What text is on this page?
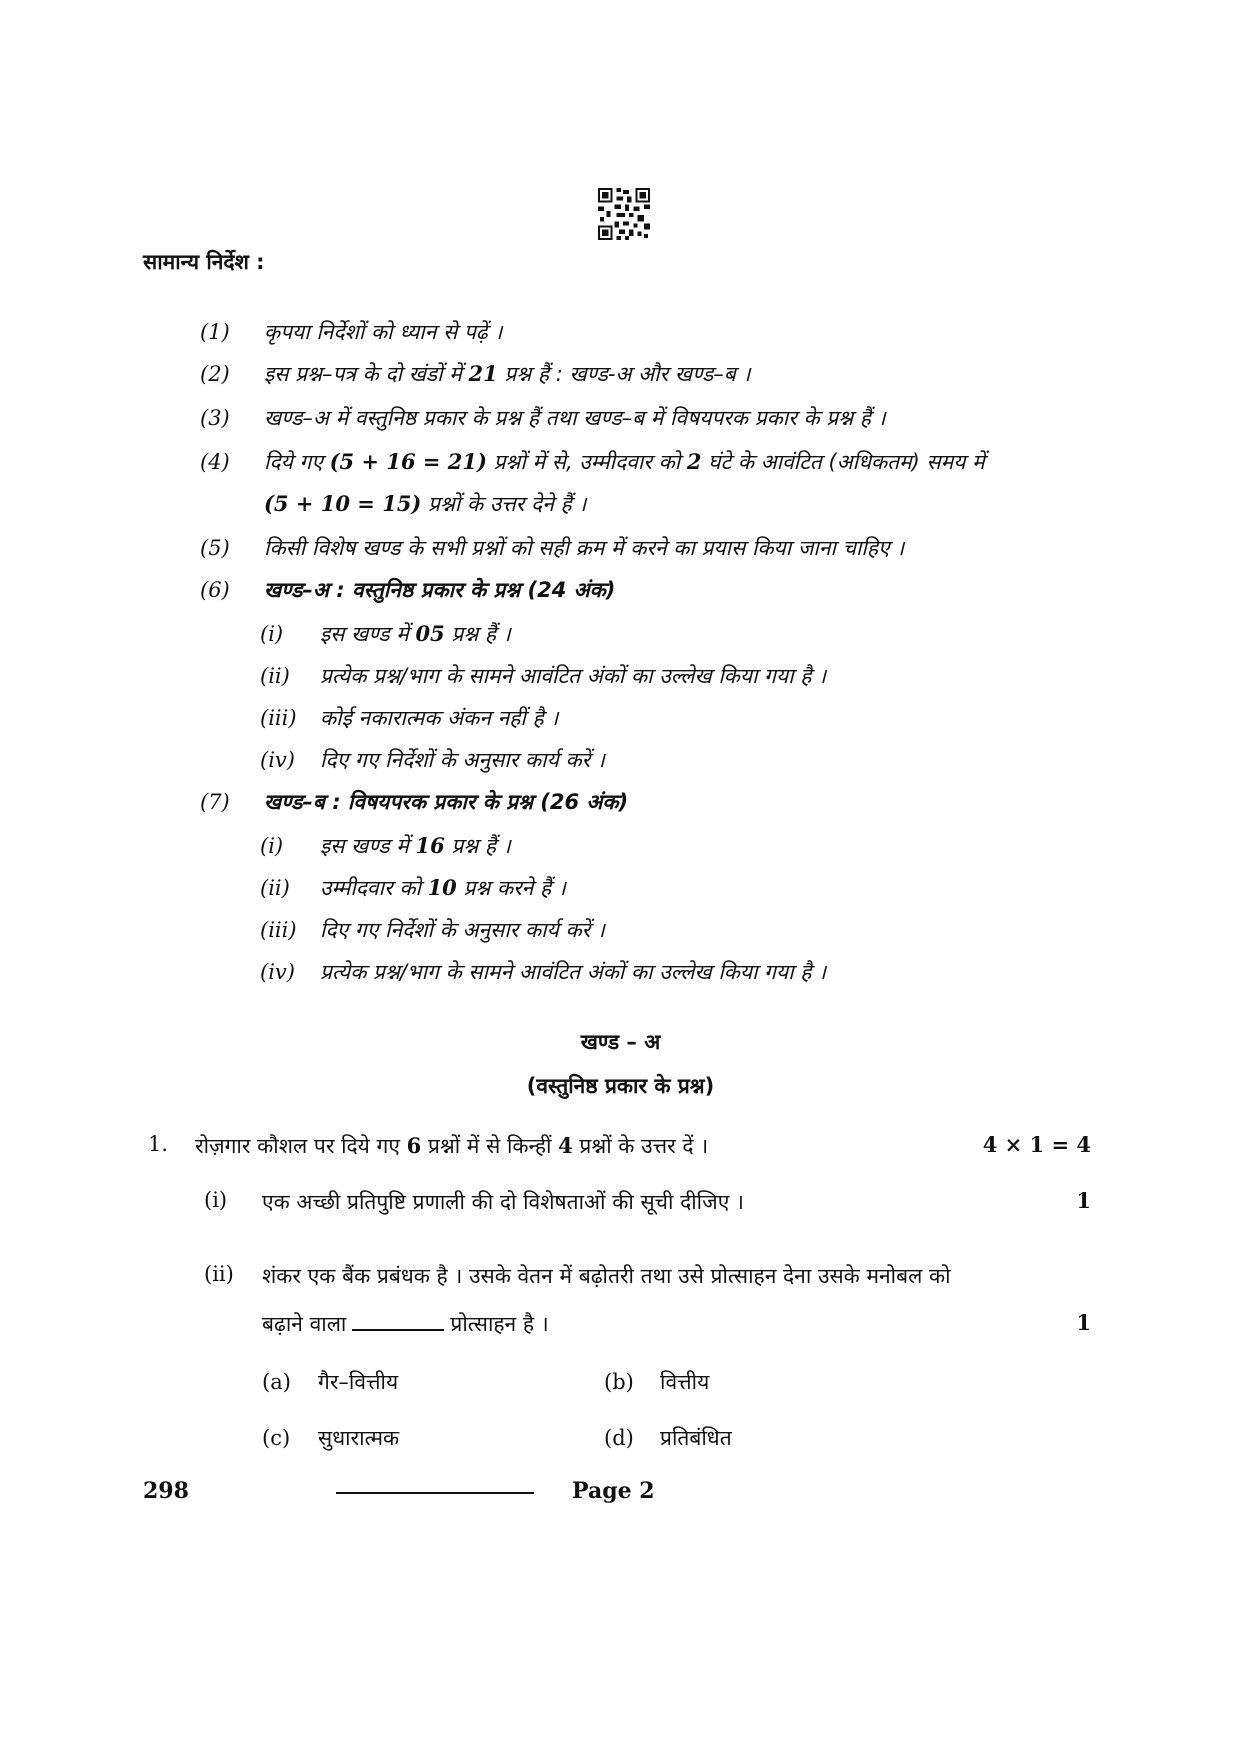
सामान्य निर्देश :
(1) कृपया निर्देशों को ध्यान से पढ़ें ।
(2) इस प्रश्न–पत्र के दो खंडों में 21 प्रश्न हैं : खण्ड-अ और खण्ड–ब ।
(3) खण्ड–अ में वस्तुनिष्ठ प्रकार के प्रश्न हैं तथा खण्ड–ब में विषयपरक प्रकार के प्रश्न हैं ।
(4) दिये गए (5 + 16 = 21) प्रश्नों में से, उम्मीदवार को 2 घंटे के आवंटित (अधिकतम) समय में
(5 + 10 = 15) प्रश्नों के उत्तर देने हैं ।
(5) किसी विशेष खण्ड के सभी प्रश्नों को सही क्रम में करने का प्रयास किया जाना चाहिए ।
(6) खण्ड–अ : वस्तुनिष्ठ प्रकार के प्रश्न (24 अंक)
(i) इस खण्ड में 05 प्रश्न हैं ।
(ii) प्रत्येक प्रश्न/भाग के सामने आवंटित अंकों का उल्लेख किया गया है ।
(iii) कोई नकारात्मक अंकन नहीं है ।
(iv) दिए गए निर्देशों के अनुसार कार्य करें ।
(7) खण्ड–ब : विषयपरक प्रकार के प्रश्न (26 अंक)
(i) इस खण्ड में 16 प्रश्न हैं ।
(ii) उम्मीदवार को 10 प्रश्न करने हैं ।
(iii) दिए गए निर्देशों के अनुसार कार्य करें ।
(iv) प्रत्येक प्रश्न/भाग के सामने आवंटित अंकों का उल्लेख किया गया है ।
खण्ड – अ
(वस्तुनिष्ठ प्रकार के प्रश्न)
1. रोज़गार कौशल पर दिये गए 6 प्रश्नों में से किन्हीं 4 प्रश्नों के उत्तर दें ।	4 × 1 = 4
(i) एक अच्छी प्रतिपुष्टि प्रणाली की दो विशेषताओं की सूची दीजिए ।	1
(ii) शंकर एक बैंक प्रबंधक है । उसके वेतन में बढ़ोतरी तथा उसे प्रोत्साहन देना उसके मनोबल को
बढ़ाने वाला	प्रोत्साहन है ।	1
(a) गैर–वित्तीय	(b) वित्तीय
(c) सुधारात्मक	(d) प्रतिबंधित
298	Page 2
